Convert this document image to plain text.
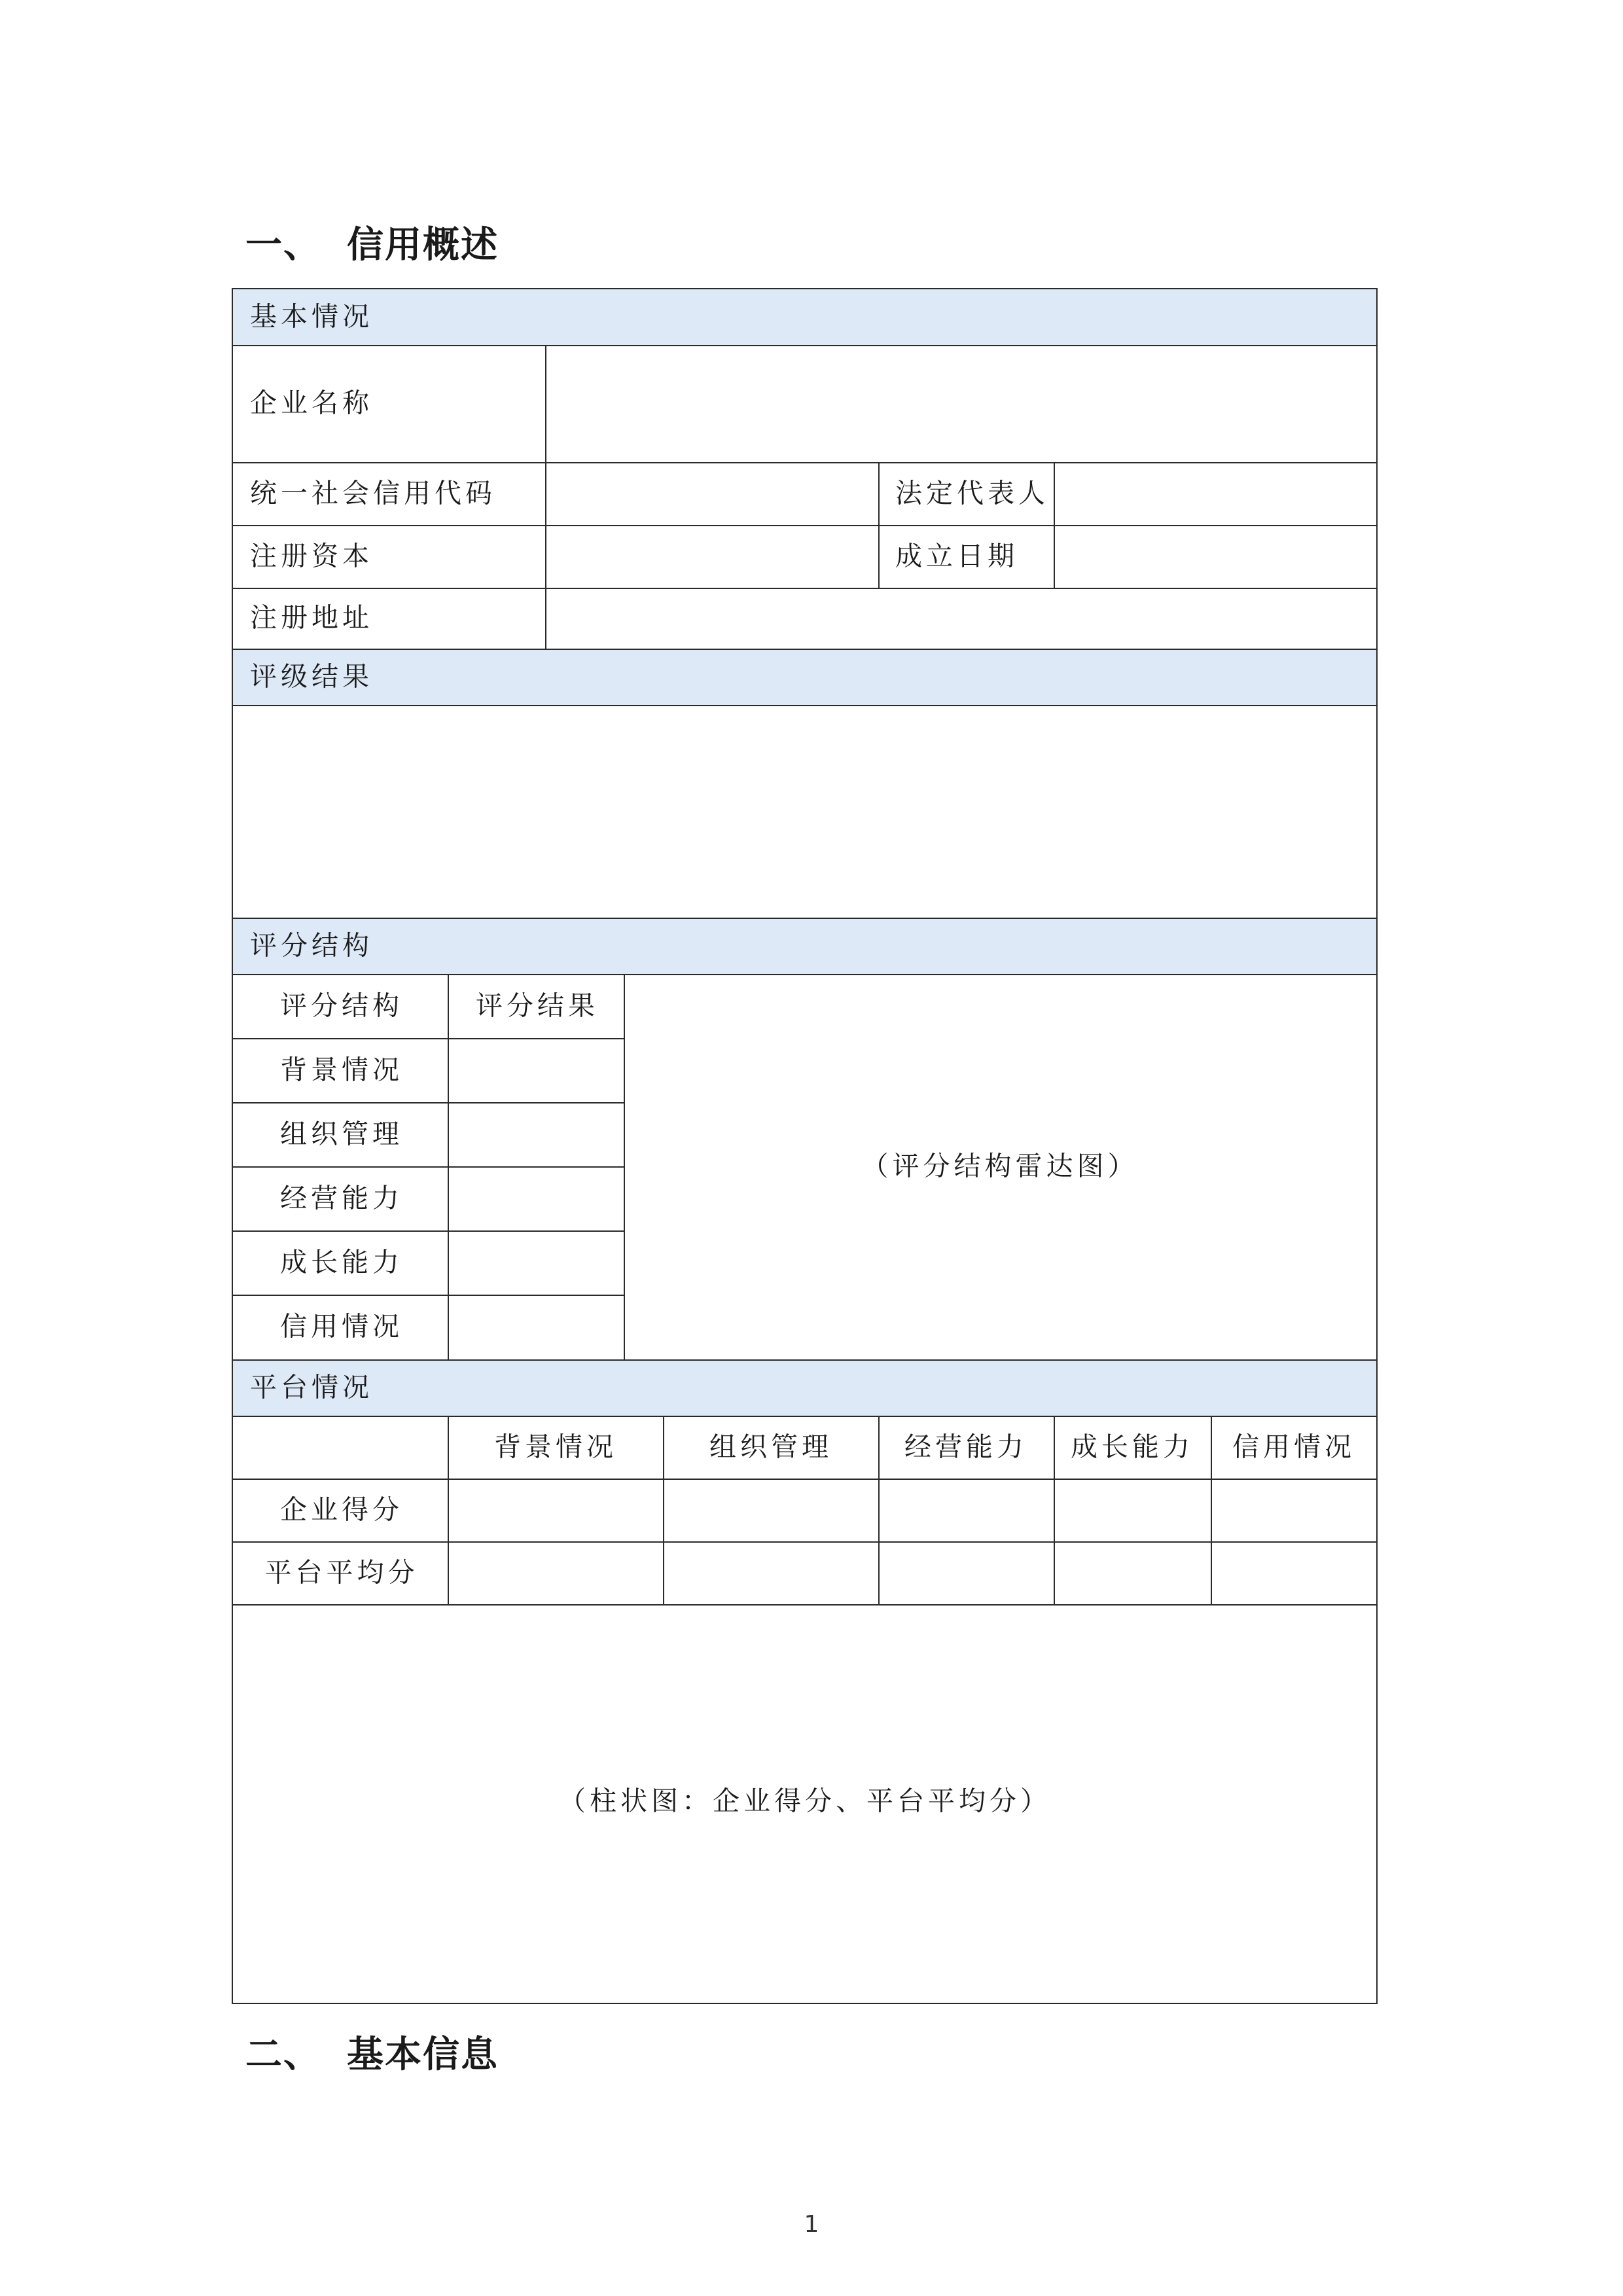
一、 信用概述
基本情况
企业名称
统一社会信用代码	法定代表人
注册资本	成立日期
注册地址
评级结果
评分结构
评分结构	评分结果
背景情况
组织管理
经营能力
成长能力
信用情况
（评分结构雷达图）
平台情况
背景情况	组织管理	经营能力 成长能力 信用情况
企业得分
平台平均分
（柱状图：企业得分、平台平均分）
二、 基本信息
1
